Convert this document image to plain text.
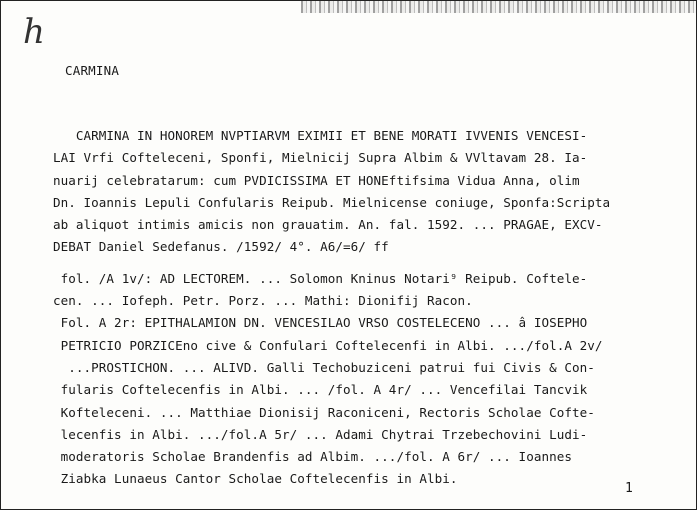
h
CARMINA
CARMINA IN HONOREM NVPTIARVM EXIMII ET BENE MORATI IVVENIS VENCESI-
LAI Vrfi Cofteleceni, Sponfi, Mielnicij Supra Albim & VVltavam 28. Ia-
nuarij celebratarum: cum PVDICISSIMA ET HONEftifsima Vidua Anna, olim
Dn. Ioannis Lepuli Confularis Reipub. Mielnicense coniuge, Sponfa:Scripta
ab aliquot intimis amicis non grauatim. An. fal. 1592. ... PRAGAE, EXCV-
DEBAT Daniel Sedefanus. /1592/ 4°. A6/=6/ ff
fol. /A 1v/: AD LECTOREM. ... Solomon Kninus Notari⁹ Reipub. Coftele-
cen. ... Iofeph. Petr. Porz. ... Mathi: Dionifij Racon.
Fol. A 2r: EPITHALAMION DN. VENCESILAO VRSO COSTELECENO ... â IOSEPHO
PETRICIO PORZICEno cive & Confulari Coftelecenfi in Albi. .../fol.A 2v/
...PROSTICHON. ... ALIVD. Galli Techobuziceni patrui fui Civis & Con-
fularis Coftelecenfis in Albi. ... /fol. A 4r/ ... Vencefilai Tancvik
Kofteleceni. ... Matthiae Dionisij Raconiceni, Rectoris Scholae Cofte-
lecenfis in Albi. .../fol.A 5r/ ... Adami Chytrai Trzebechovini Ludi-
moderatoris Scholae Brandenfis ad Albim. .../fol. A 6r/ ... Ioannes
Ziabka Lunaeus Cantor Scholae Coftelecenfis in Albi.
1
